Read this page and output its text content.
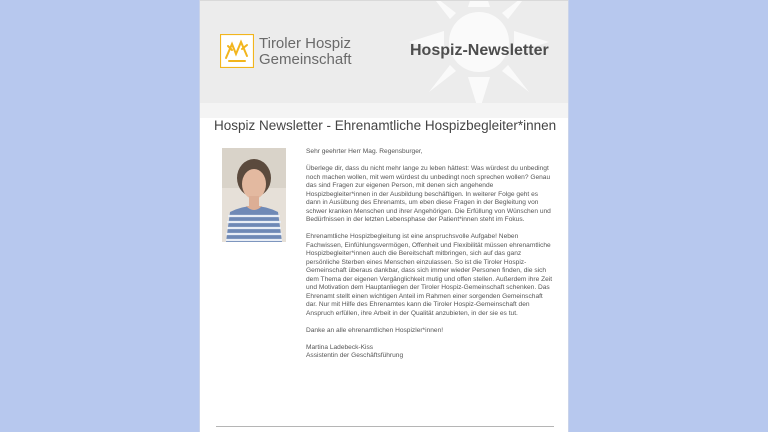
Tiroler Hospiz
Gemeinschaft
Hospiz-Newsletter
Hospiz Newsletter - Ehrenamtliche Hospizbegleiter*innen

Sehr geehrter Herr Mag. Regensburger,

Überlege dir, dass du nicht mehr lange zu leben hättest: Was würdest du unbedingt noch machen wollen, mit wem würdest du unbedingt noch sprechen wollen? Genau das sind Fragen zur eigenen Person, mit denen sich angehende Hospizbegleiter*innen in der Ausbildung beschäftigen. In weiterer Folge geht es dann in Ausübung des Ehrenamts, um eben diese Fragen in der Begleitung von schwer kranken Menschen und ihrer Angehörigen. Die Erfüllung von Wünschen und Bedürfnissen in der letzten Lebensphase der Patient*innen steht im Fokus.

Ehrenamtliche Hospizbegleitung ist eine anspruchsvolle Aufgabe! Neben Fachwissen, Einfühlungsvermögen, Offenheit und Flexibilität müssen ehrenamtliche Hospizbegleiter*innen auch die Bereitschaft mitbringen, sich auf das ganz persönliche Sterben eines Menschen einzulassen. So ist die Tiroler Hospiz-Gemeinschaft überaus dankbar, dass sich immer wieder Personen finden, die sich dem Thema der eigenen Vergänglichkeit mutig und offen stellen. Außerdem ihre Zeit und Motivation dem Hauptanliegen der Tiroler Hospiz-Gemeinschaft schenken. Das Ehrenamt stellt einen wichtigen Anteil im Rahmen einer sorgenden Gemeinschaft dar. Nur mit Hilfe des Ehrenamtes kann die Tiroler Hospiz-Gemeinschaft den Anspruch erfüllen, ihre Arbeit in der Qualität anzubieten, in der sie es tut.

Danke an alle ehrenamtlichen Hospizler*innen!

Martina Ladebeck-Kiss

Assistentin der Geschäftsführung
